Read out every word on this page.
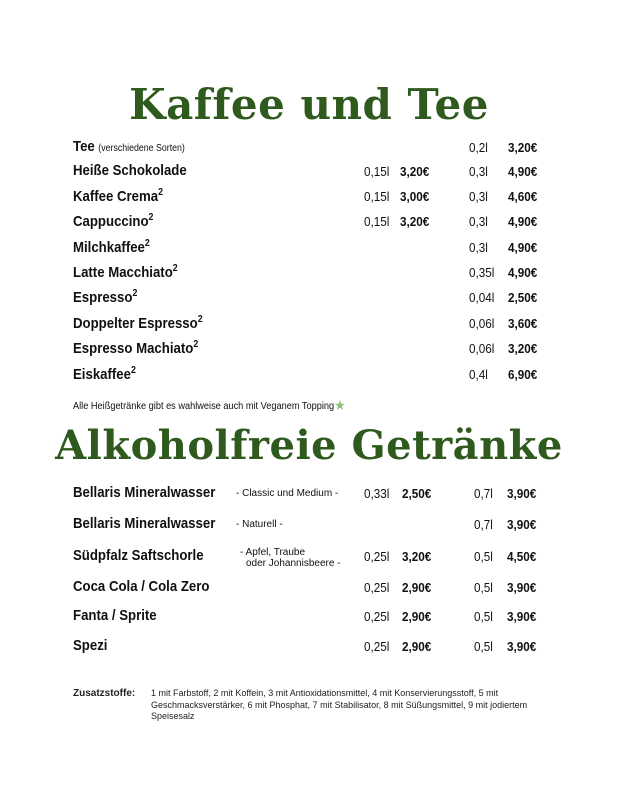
Kaffee und Tee
Tee (verschiedene Sorten)	0,2l 3,20€
Heiße Schokolade	0,15l 3,20€	0,3l 4,90€
Kaffee Crema$^2$	0,15l 3,00€	0,3l 4,60€
Cappuccino$^2$	0,15l 3,20€	0,3l 4,90€
Milchkaffee$^2$	0,3l 4,90€
Latte Macchiato$^2$	0,35l 4,90€
Espresso$^2$	0,04l 2,50€
Doppelter Espresso$^2$	0,06l 3,60€
Espresso Machiato$^2$	0,06l 3,20€
Eiskaffee$^2$	0,4l 6,90€
Alle Heißgetränke gibt es wahlweise auch mit Veganem Topping★
Alkoholfreie Getränke
Bellaris Mineralwasser - Classic und Medium - 0,33l 2,50€	0,7l 3,90€
Bellaris Mineralwasser - Naturell -	0,7l 3,90€
Südpfalz Saftschorle	- Apfel, Traube
oder Johannisbeere - 0,25l 3,20€	0,5l 4,50€
Coca Cola / Cola Zero	0,25l 2,90€	0,5l 3,90€
Fanta / Sprite	0,25l 2,90€	0,5l 3,90€
Spezi	0,25l 2,90€	0,5l 3,90€
Zusatzstoffe: 1 mit Farbstoff, 2 mit Koffein, 3 mit Antioxidationsmittel, 4 mit Konservierungsstoff, 5 mit Geschmacksverstärker, 6 mit Phosphat, 7 mit Stabilisator, 8 mit Süßungsmittel, 9 mit jodiertem Speisesalz
